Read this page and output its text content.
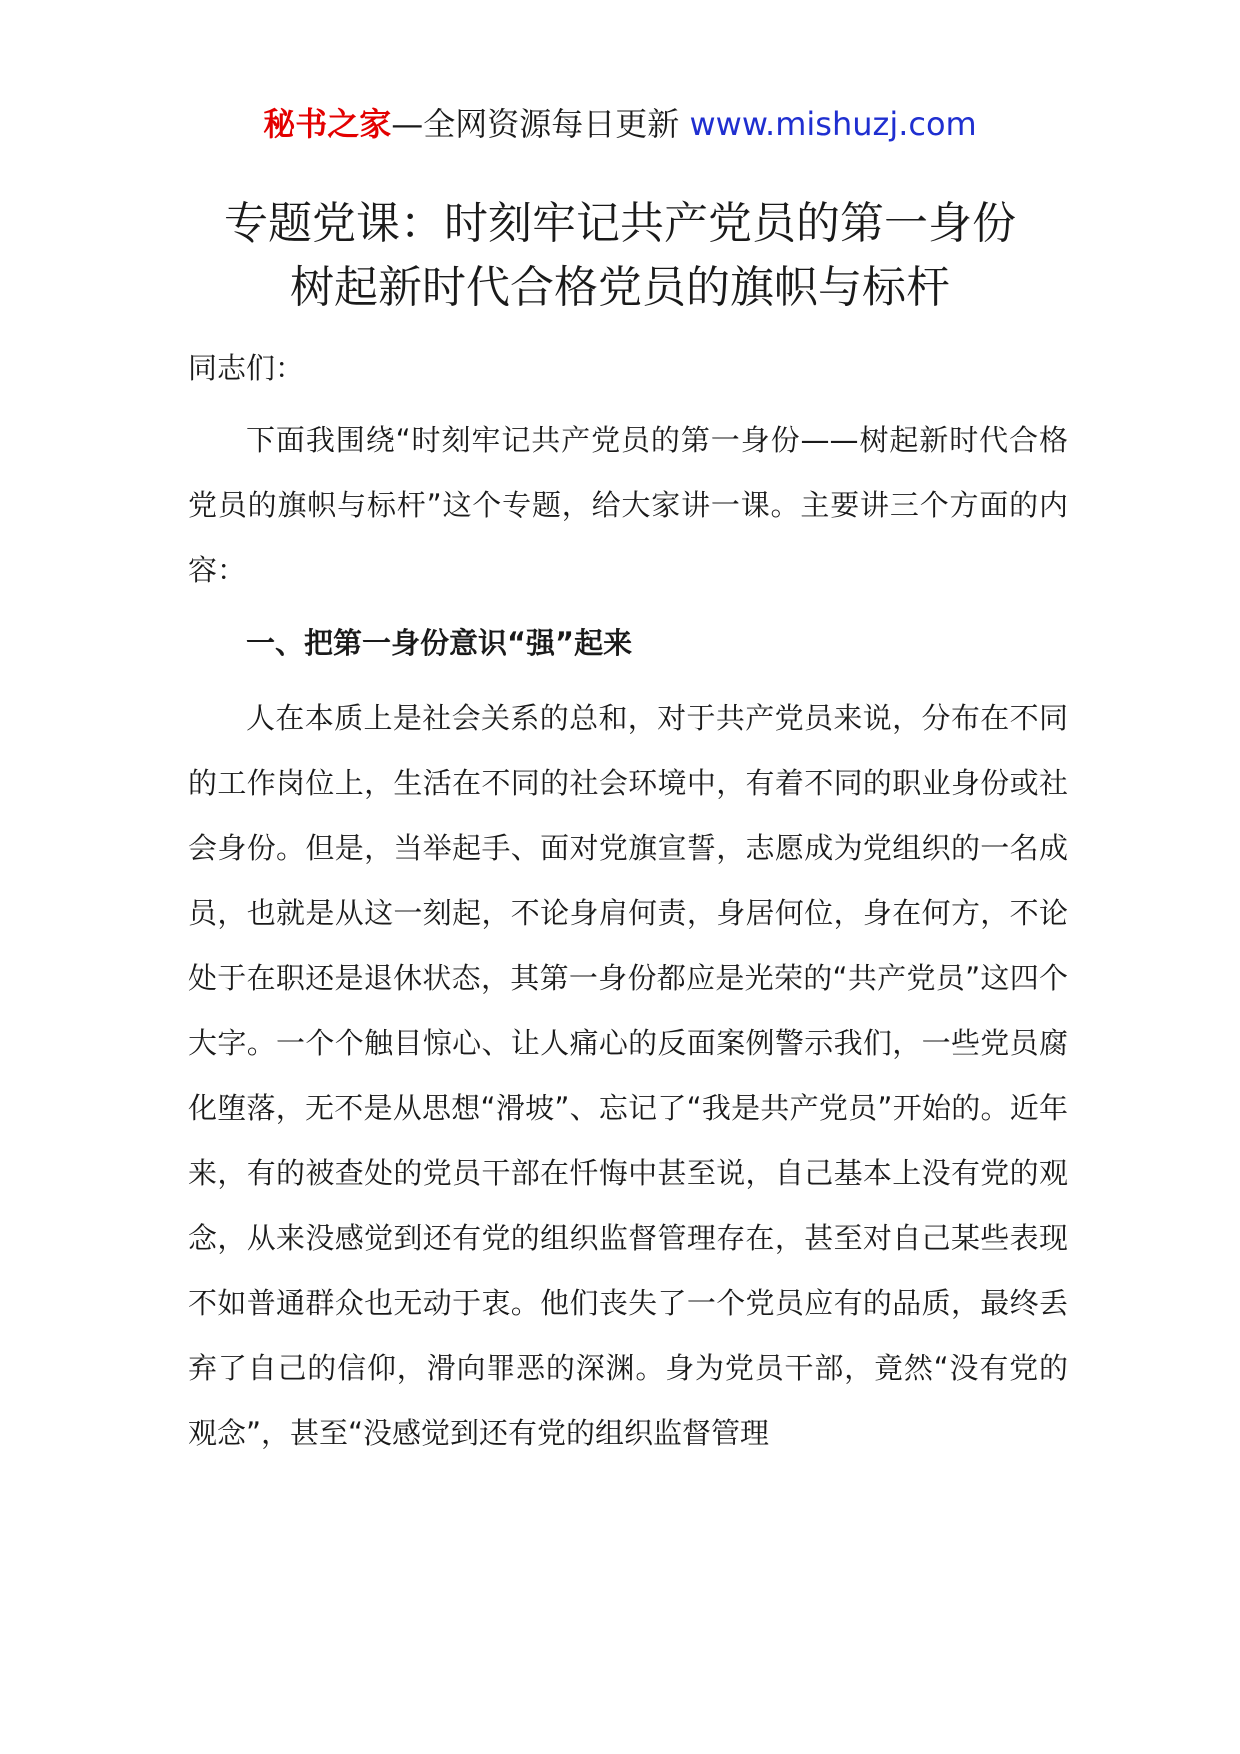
秘书之家—全网资源每日更新 www.mishuzj.com
专题党课：时刻牢记共产党员的第一身份
树起新时代合格党员的旗帜与标杆
同志们：

下面我围绕“时刻牢记共产党员的第一身份——树起新时代合格党员的旗帜与标杆”这个专题，给大家讲一课。主要讲三个方面的内容：

一、把第一身份意识“强”起来

人在本质上是社会关系的总和，对于共产党员来说，分布在不同的工作岗位上，生活在不同的社会环境中，有着不同的职业身份或社会身份。但是，当举起手、面对党旗宣誓，志愿成为党组织的一名成员，也就是从这一刻起，不论身肩何责，身居何位，身在何方，不论处于在职还是退休状态，其第一身份都应是光荣的“共产党员”这四个大字。一个个触目惊心、让人痛心的反面案例警示我们，一些党员腐化堕落，无不是从思想“滑坡”、忘记了“我是共产党员”开始的。近年来，有的被查处的党员干部在忏悔中甚至说，自己基本上没有党的观念，从来没感觉到还有党的组织监督管理存在，甚至对自己某些表现不如普通群众也无动于衷。他们丧失了一个党员应有的品质，最终丢弃了自己的信仰，滑向罪恶的深渊。身为党员干部，竟然“没有党的观念”，甚至“没感觉到还有党的组织监督管理
